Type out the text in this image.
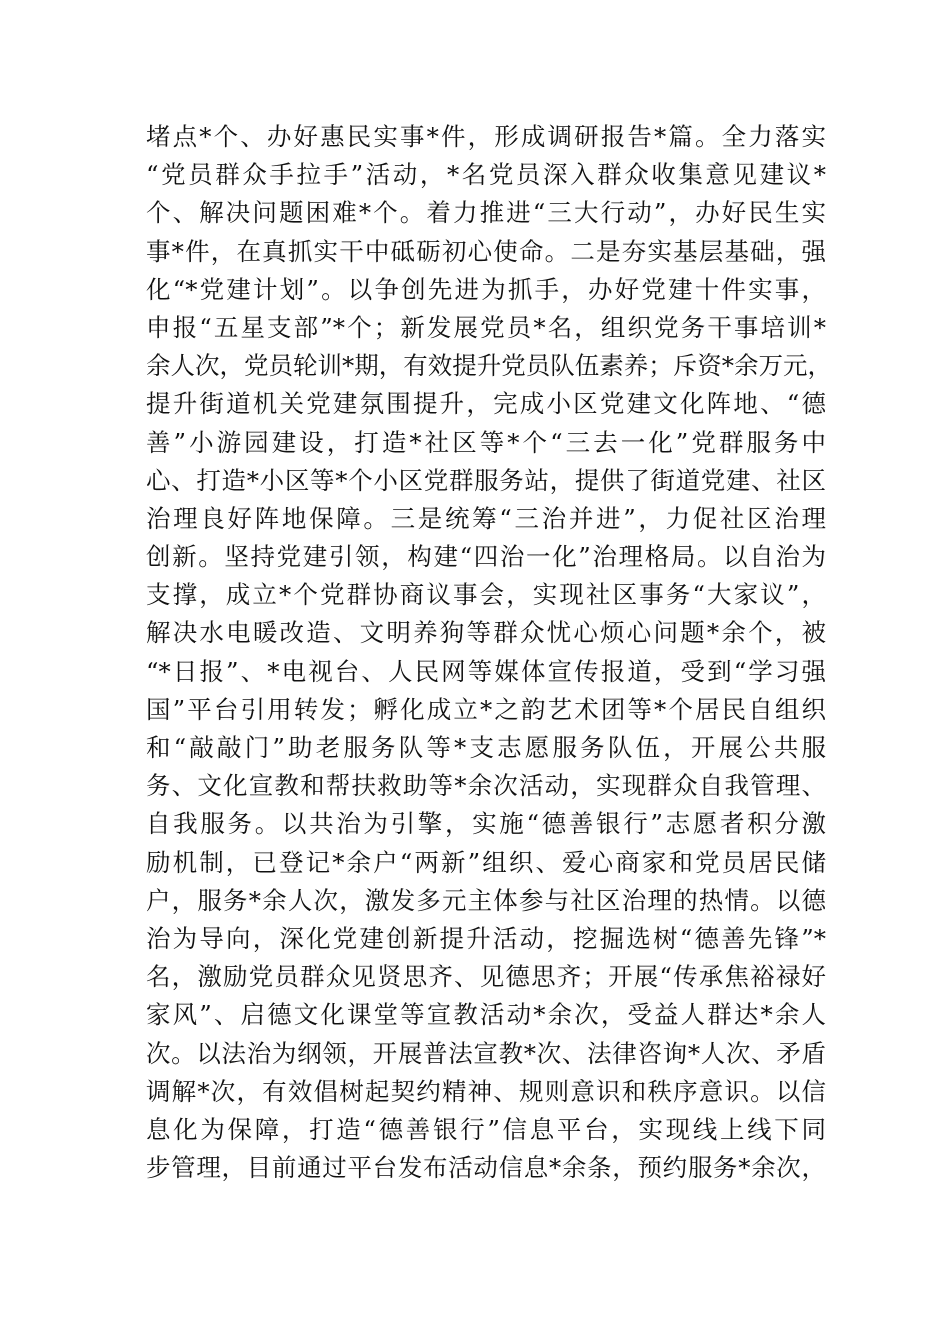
堵点*个、办好惠民实事*件，形成调研报告*篇。全力落实
“党员群众手拉手”活动，*名党员深入群众收集意见建议*
个、解决问题困难*个。着力推进“三大行动”，办好民生实
事*件，在真抓实干中砥砺初心使命。二是夯实基层基础，强
化“*党建计划”。以争创先进为抓手，办好党建十件实事，
申报“五星支部”*个；新发展党员*名，组织党务干事培训*
余人次，党员轮训*期，有效提升党员队伍素养；斥资*余万元，
提升街道机关党建氛围提升，完成小区党建文化阵地、“德
善”小游园建设，打造*社区等*个“三去一化”党群服务中
心、打造*小区等*个小区党群服务站，提供了街道党建、社区
治理良好阵地保障。三是统筹“三治并进”，力促社区治理
创新。坚持党建引领，构建“四治一化”治理格局。以自治为
支撑，成立*个党群协商议事会，实现社区事务“大家议”，
解决水电暖改造、文明养狗等群众忧心烦心问题*余个，被
“*日报”、*电视台、人民网等媒体宣传报道，受到“学习强
国”平台引用转发；孵化成立*之韵艺术团等*个居民自组织
和“敲敲门”助老服务队等*支志愿服务队伍，开展公共服
务、文化宣教和帮扶救助等*余次活动，实现群众自我管理、
自我服务。以共治为引擎，实施“德善银行”志愿者积分激
励机制，已登记*余户“两新”组织、爱心商家和党员居民储
户，服务*余人次，激发多元主体参与社区治理的热情。以德
治为导向，深化党建创新提升活动，挖掘选树“德善先锋”*
名，激励党员群众见贤思齐、见德思齐；开展“传承焦裕禄好
家风”、启德文化课堂等宣教活动*余次，受益人群达*余人
次。以法治为纲领，开展普法宣教*次、法律咨询*人次、矛盾
调解*次，有效倡树起契约精神、规则意识和秩序意识。以信
息化为保障，打造“德善银行”信息平台，实现线上线下同
步管理，目前通过平台发布活动信息*余条，预约服务*余次，
